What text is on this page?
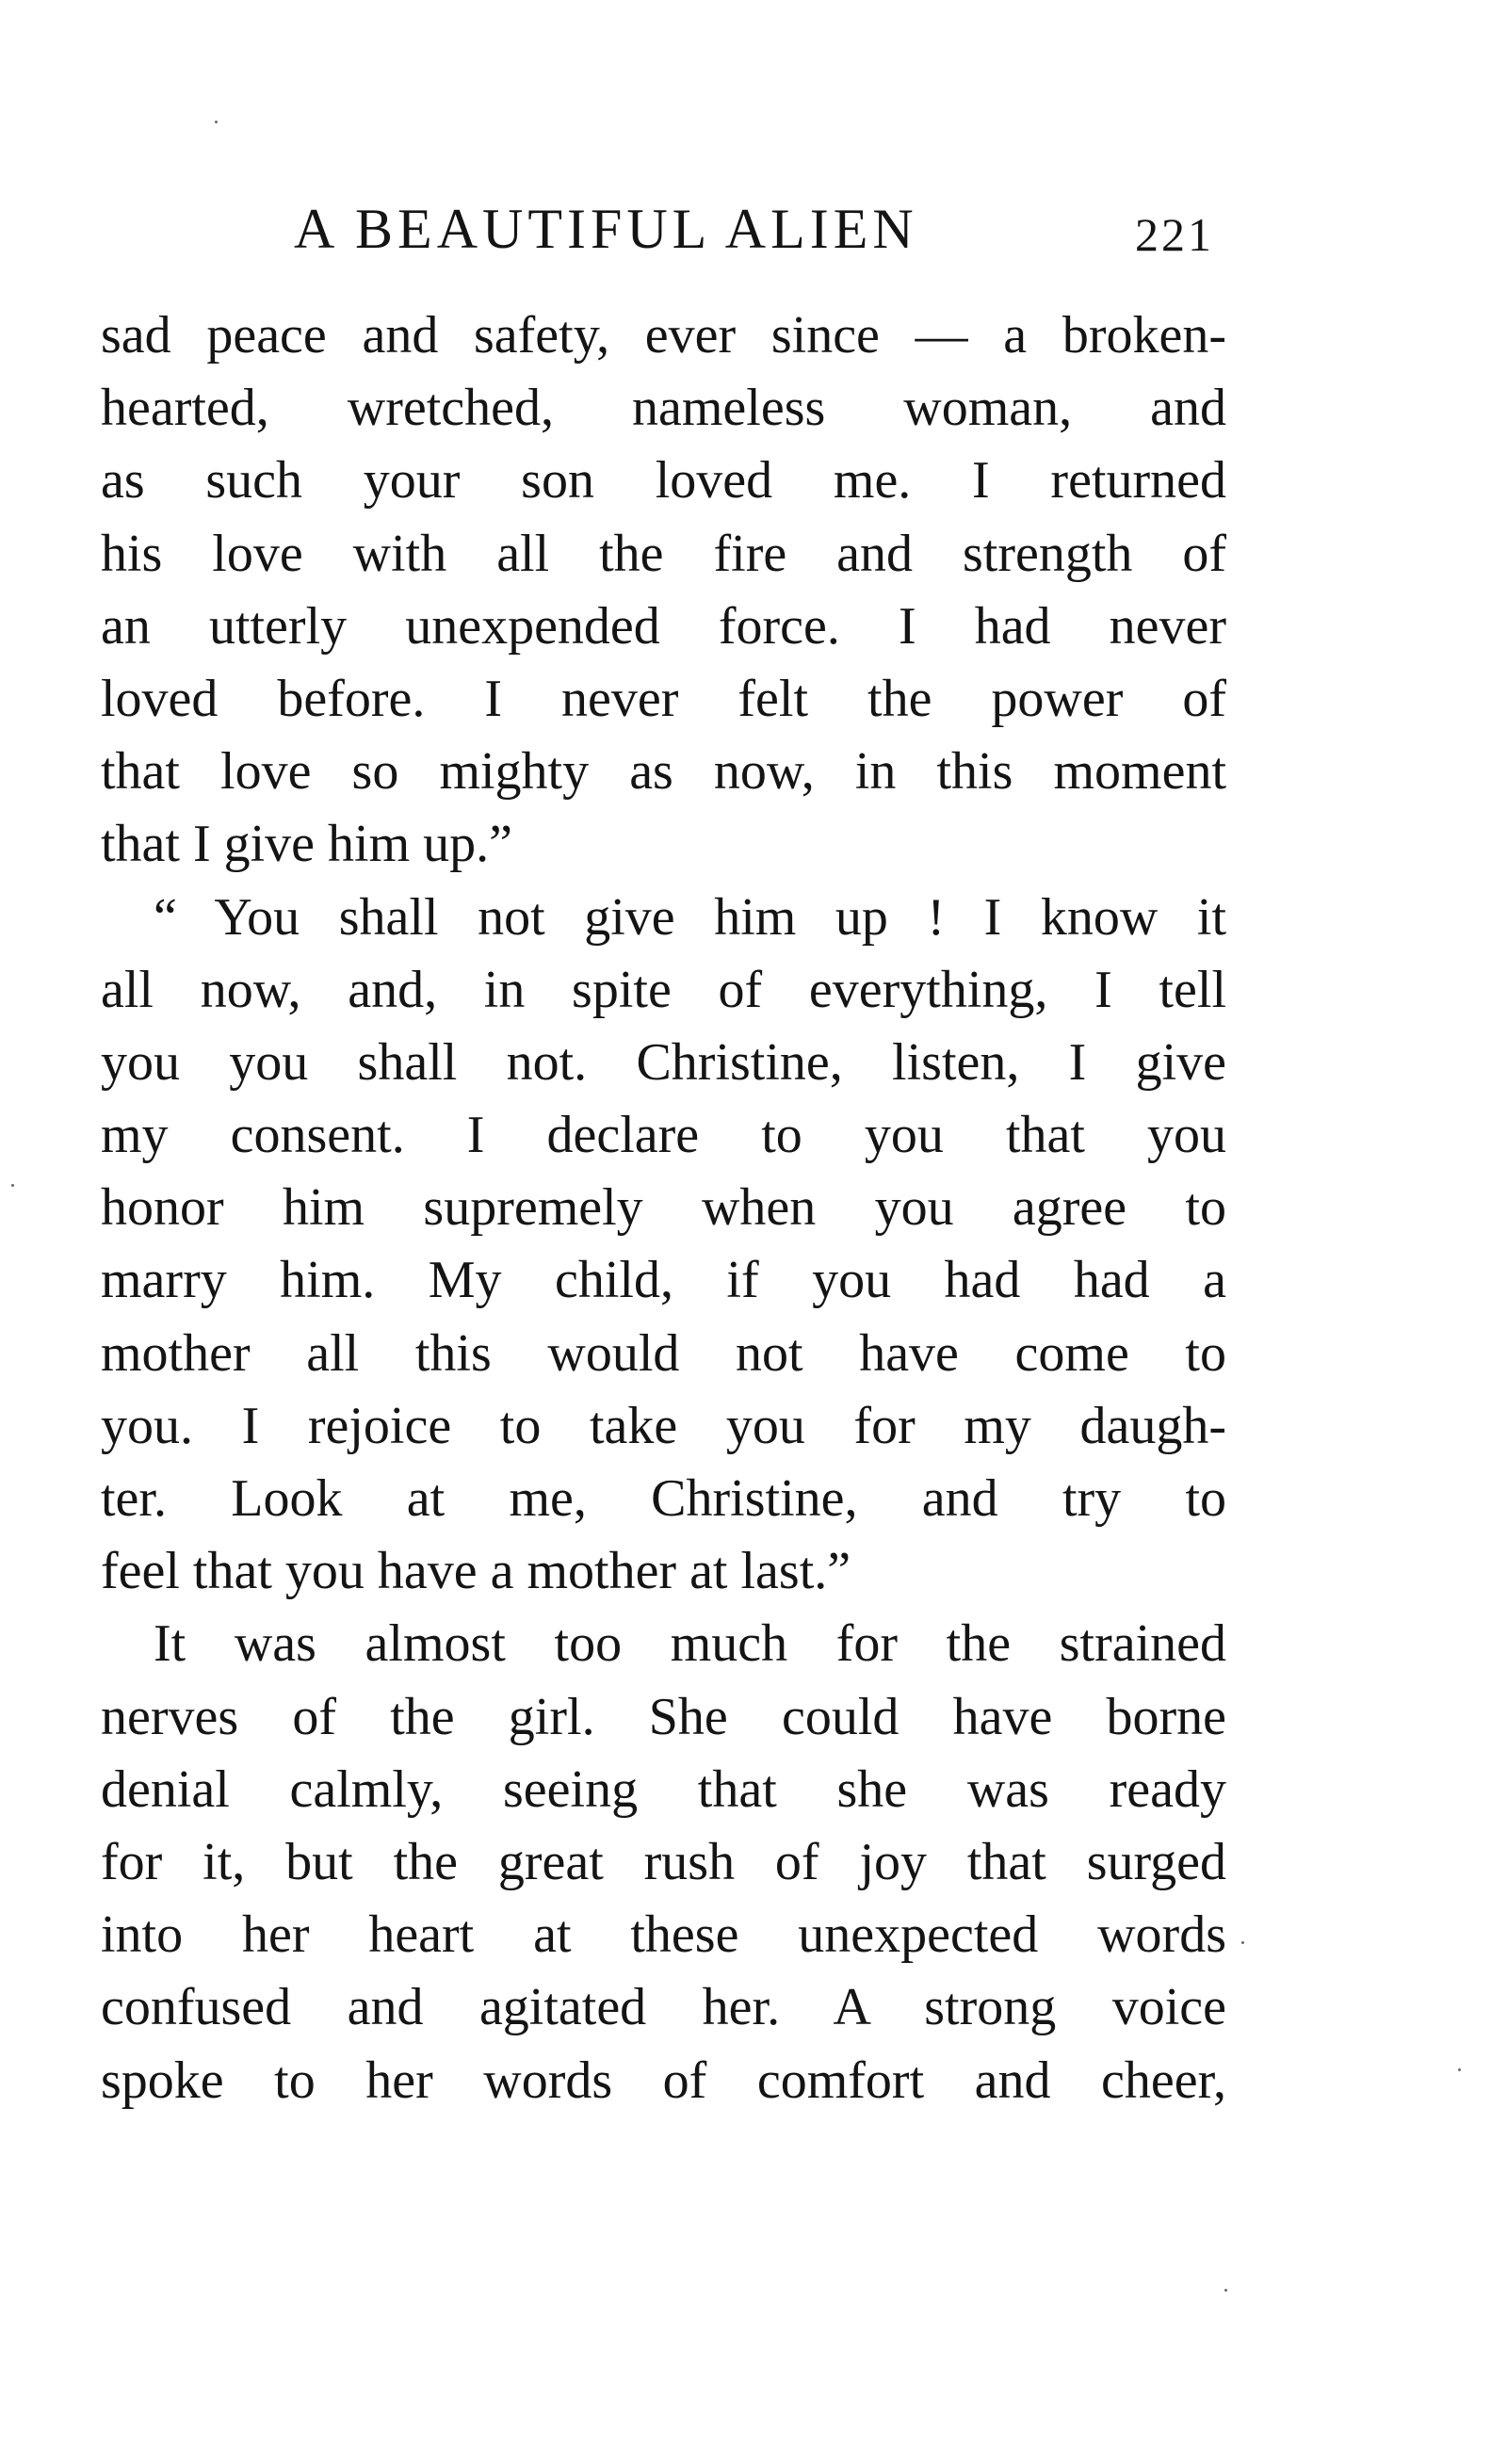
A BEAUTIFUL ALIEN	221
sad peace and safety, ever since — a broken-
hearted, wretched, nameless woman, and
as such your son loved me. I returned
his love with all the fire and strength of
an utterly unexpended force. I had never
loved before. I never felt the power of
that love so mighty as now, in this moment
that I give him up.”
“ You shall not give him up ! I know it
all now, and, in spite of everything, I tell
you you shall not. Christine, listen, I give
my consent. I declare to you that you
honor him supremely when you agree to
marry him. My child, if you had had a
mother all this would not have come to
you. I rejoice to take you for my daugh-
ter. Look at me, Christine, and try to
feel that you have a mother at last.”
It was almost too much for the strained
nerves of the girl. She could have borne
denial calmly, seeing that she was ready
for it, but the great rush of joy that surged
into her heart at these unexpected words
confused and agitated her. A strong voice
spoke to her words of comfort and cheer,
